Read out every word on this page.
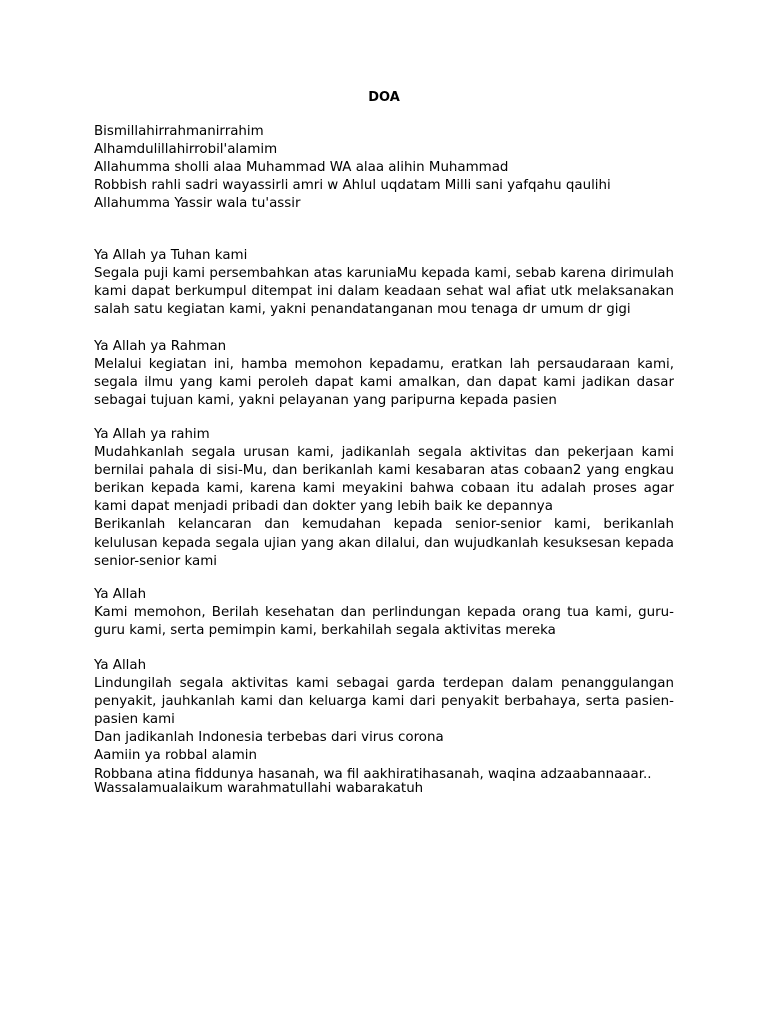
DOA
Bismillahirrahmanirrahim
Alhamdulillahirrobil'alamim
Allahumma sholli alaa Muhammad WA alaa alihin Muhammad
Robbish rahli sadri wayassirli amri w Ahlul uqdatam Milli sani yafqahu qaulihi
Allahumma Yassir wala tu'assir
Ya Allah ya Tuhan kami

Segala puji kami persembahkan atas karuniaMu kepada kami, sebab karena dirimulah kami dapat berkumpul ditempat ini dalam keadaan sehat wal afiat utk melaksanakan salah satu kegiatan kami, yakni penandatanganan mou tenaga dr umum dr gigi

Ya Allah ya Rahman

Melalui kegiatan ini, hamba memohon kepadamu, eratkan lah persaudaraan kami, segala ilmu yang kami peroleh dapat kami amalkan, dan dapat kami jadikan dasar sebagai tujuan kami, yakni pelayanan yang paripurna kepada pasien

Ya Allah ya rahim

Mudahkanlah segala urusan kami, jadikanlah segala aktivitas dan pekerjaan kami bernilai pahala di sisi-Mu, dan berikanlah kami kesabaran atas cobaan2 yang engkau berikan kepada kami, karena kami meyakini bahwa cobaan itu adalah proses agar kami dapat menjadi pribadi dan dokter yang lebih baik ke depannya

Berikanlah kelancaran dan kemudahan kepada senior-senior kami, berikanlah kelulusan kepada segala ujian yang akan dilalui, dan wujudkanlah kesuksesan kepada senior-senior kami

Ya Allah

Kami memohon, Berilah kesehatan dan perlindungan kepada orang tua kami, guru-guru kami, serta pemimpin kami, berkahilah segala aktivitas mereka

Ya Allah

Lindungilah segala aktivitas kami sebagai garda terdepan dalam penanggulangan penyakit, jauhkanlah kami dan keluarga kami dari penyakit berbahaya, serta pasien-pasien kami

Dan jadikanlah Indonesia terbebas dari virus corona
Aamiin ya robbal alamin
Robbana atina fiddunya hasanah, wa fil aakhiratihasanah, waqina adzaabannaaar..
Wassalamualaikum warahmatullahi wabarakatuh
